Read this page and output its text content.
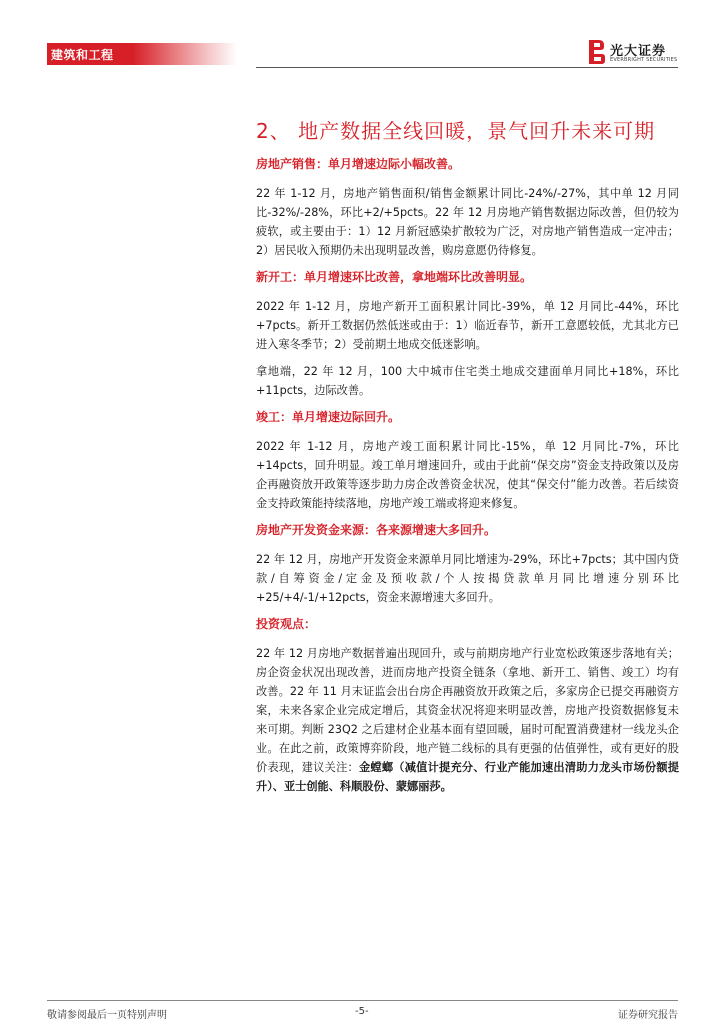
建筑和工程	光大证券
EVERBRIGHT SECURITIES
2、 地产数据全线回暖，景气回升未来可期
房地产销售：单月增速边际小幅改善。

22 年 1-12 月，房地产销售面积/销售金额累计同比-24%/-27%，其中单 12 月同比-32%/-28%，环比+2/+5pcts。22 年 12 月房地产销售数据边际改善，但仍较为疲软，或主要由于：1）12 月新冠感染扩散较为广泛，对房地产销售造成一定冲击；2）居民收入预期仍未出现明显改善，购房意愿仍待修复。

新开工：单月增速环比改善，拿地端环比改善明显。

2022 年 1-12 月，房地产新开工面积累计同比-39%，单 12 月同比-44%，环比+7pcts。新开工数据仍然低迷或由于：1）临近春节，新开工意愿较低，尤其北方已进入寒冬季节；2）受前期土地成交低迷影响。

拿地端，22 年 12 月，100 大中城市住宅类土地成交建面单月同比+18%，环比+11pcts，边际改善。

竣工：单月增速边际回升。

2022 年 1-12 月，房地产竣工面积累计同比-15%，单 12 月同比-7%，环比+14pcts，回升明显。竣工单月增速回升，或由于此前“保交房”资金支持政策以及房企再融资放开政策等逐步助力房企改善资金状况，使其“保交付”能力改善。若后续资金支持政策能持续落地，房地产竣工端或将迎来修复。

房地产开发资金来源：各来源增速大多回升。

22 年 12 月，房地产开发资金来源单月同比增速为-29%，环比+7pcts；其中国内贷款/自筹资金/定金及预收款/个人按揭贷款单月同比增速分别环比+25/+4/-1/+12pcts，资金来源增速大多回升。

投资观点：

22 年 12 月房地产数据普遍出现回升，或与前期房地产行业宽松政策逐步落地有关；房企资金状况出现改善，进而房地产投资全链条（拿地、新开工、销售、竣工）均有改善。22 年 11 月末证监会出台房企再融资放开政策之后，多家房企已提交再融资方案，未来各家企业完成定增后，其资金状况将迎来明显改善，房地产投资数据修复未来可期。判断 23Q2 之后建材企业基本面有望回暖，届时可配置消费建材一线龙头企业。在此之前，政策博弈阶段，地产链二线标的具有更强的估值弹性，或有更好的股价表现，建议关注：金螳螂（减值计提充分、行业产能加速出清助力龙头市场份额提升）、亚士创能、科顺股份、蒙娜丽莎。

敬请参阅最后一页特别声明	-5-	证券研究报告
